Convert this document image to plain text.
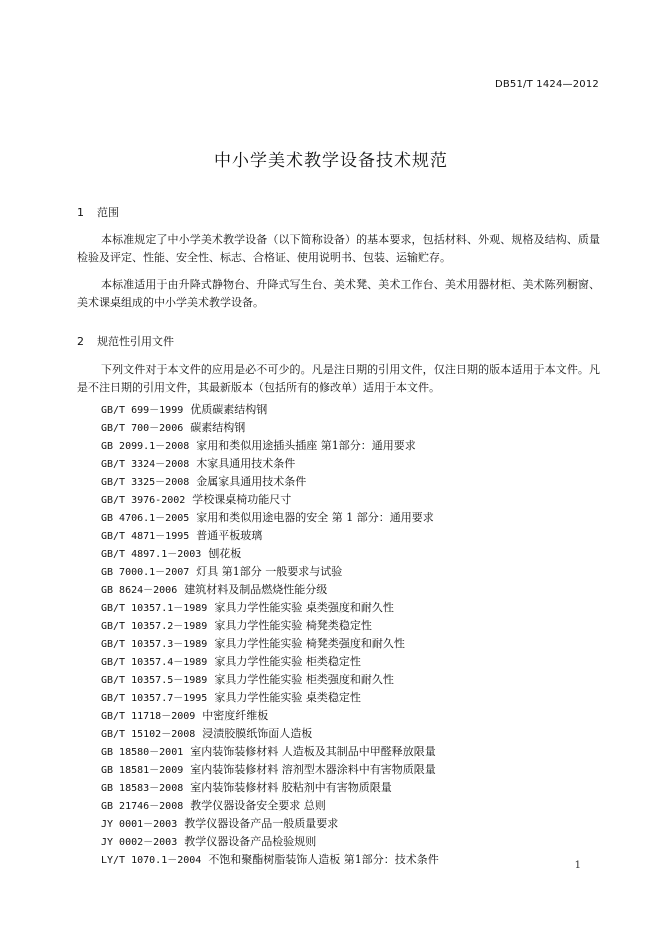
DB51/T 1424—2012
中小学美术教学设备技术规范
1 范围

本标准规定了中小学美术教学设备（以下简称设备）的基本要求，包括材料、外观、规格及结构、质量检验及评定、性能、安全性、标志、合格证、使用说明书、包装、运输贮存。

本标准适用于由升降式静物台、升降式写生台、美术凳、美术工作台、美术用器材柜、美术陈列橱窗、美术课桌组成的中小学美术教学设备。

2 规范性引用文件

下列文件对于本文件的应用是必不可少的。凡是注日期的引用文件，仅注日期的版本适用于本文件。凡是不注日期的引用文件，其最新版本（包括所有的修改单）适用于本文件。

GB/T 699－1999 优质碳素结构钢
GB/T 700－2006 碳素结构钢
GB 2099.1－2008 家用和类似用途插头插座 第1部分：通用要求
GB/T 3324－2008 木家具通用技术条件
GB/T 3325－2008 金属家具通用技术条件
GB/T 3976-2002 学校课桌椅功能尺寸
GB 4706.1－2005 家用和类似用途电器的安全 第 1 部分：通用要求
GB/T 4871－1995 普通平板玻璃
GB/T 4897.1－2003 刨花板
GB 7000.1－2007 灯具 第1部分 一般要求与试验
GB 8624－2006 建筑材料及制品燃烧性能分级
GB/T 10357.1－1989 家具力学性能实验 桌类强度和耐久性
GB/T 10357.2－1989 家具力学性能实验 椅凳类稳定性
GB/T 10357.3－1989 家具力学性能实验 椅凳类强度和耐久性
GB/T 10357.4－1989 家具力学性能实验 柜类稳定性
GB/T 10357.5－1989 家具力学性能实验 柜类强度和耐久性
GB/T 10357.7－1995 家具力学性能实验 桌类稳定性
GB/T 11718－2009 中密度纤维板
GB/T 15102－2008 浸渍胶膜纸饰面人造板
GB 18580－2001 室内装饰装修材料 人造板及其制品中甲醛释放限量
GB 18581－2009 室内装饰装修材料 溶剂型木器涂料中有害物质限量
GB 18583－2008 室内装饰装修材料 胶粘剂中有害物质限量
GB 21746－2008 教学仪器设备安全要求 总则
JY 0001－2003 教学仪器设备产品一般质量要求
JY 0002－2003 教学仪器设备产品检验规则
LY/T 1070.1－2004 不饱和聚酯树脂装饰人造板 第1部分：技术条件	1
